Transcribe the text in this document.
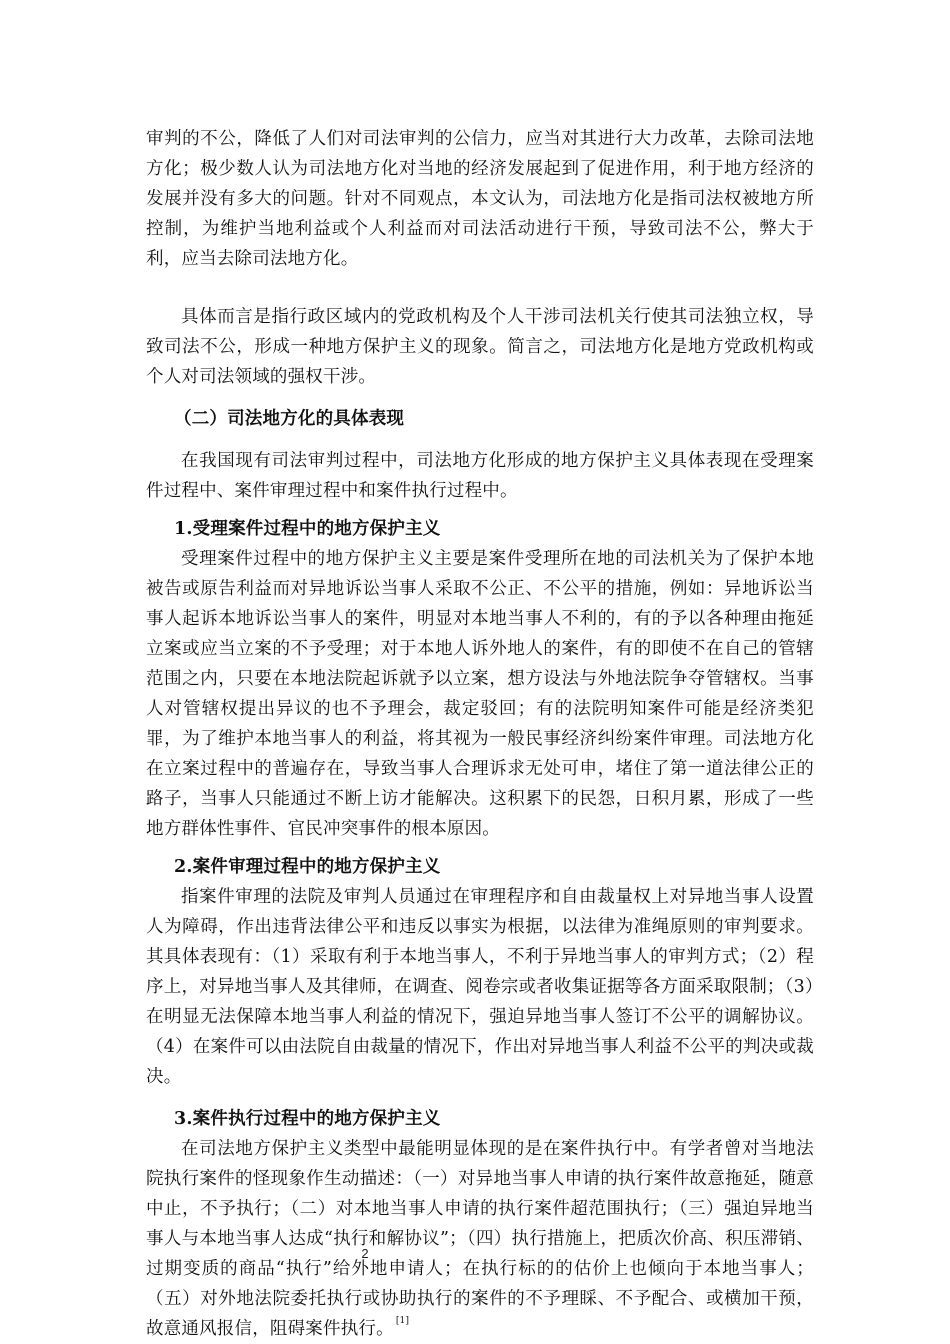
审判的不公，降低了人们对司法审判的公信力，应当对其进行大力改革，去除司法地方化；极少数人认为司法地方化对当地的经济发展起到了促进作用，利于地方经济的发展并没有多大的问题。针对不同观点，本文认为，司法地方化是指司法权被地方所控制，为维护当地利益或个人利益而对司法活动进行干预，导致司法不公，弊大于利，应当去除司法地方化。

具体而言是指行政区域内的党政机构及个人干涉司法机关行使其司法独立权，导致司法不公，形成一种地方保护主义的现象。简言之，司法地方化是地方党政机构或个人对司法领域的强权干涉。

（二）司法地方化的具体表现

在我国现有司法审判过程中，司法地方化形成的地方保护主义具体表现在受理案件过程中、案件审理过程中和案件执行过程中。

1.受理案件过程中的地方保护主义

受理案件过程中的地方保护主义主要是案件受理所在地的司法机关为了保护本地被告或原告利益而对异地诉讼当事人采取不公正、不公平的措施，例如：异地诉讼当事人起诉本地诉讼当事人的案件，明显对本地当事人不利的，有的予以各种理由拖延立案或应当立案的不予受理；对于本地人诉外地人的案件，有的即使不在自己的管辖范围之内，只要在本地法院起诉就予以立案，想方设法与外地法院争夺管辖权。当事人对管辖权提出异议的也不予理会，裁定驳回；有的法院明知案件可能是经济类犯罪，为了维护本地当事人的利益，将其视为一般民事经济纠纷案件审理。司法地方化在立案过程中的普遍存在，导致当事人合理诉求无处可申，堵住了第一道法律公正的路子，当事人只能通过不断上访才能解决。这积累下的民怨，日积月累，形成了一些地方群体性事件、官民冲突事件的根本原因。

2.案件审理过程中的地方保护主义

指案件审理的法院及审判人员通过在审理程序和自由裁量权上对异地当事人设置人为障碍，作出违背法律公平和违反以事实为根据，以法律为准绳原则的审判要求。其具体表现有：（1）采取有利于本地当事人，不利于异地当事人的审判方式；（2）程序上，对异地当事人及其律师，在调查、阅卷宗或者收集证据等各方面采取限制；（3）在明显无法保障本地当事人利益的情况下，强迫异地当事人签订不公平的调解协议。（4）在案件可以由法院自由裁量的情况下，作出对异地当事人利益不公平的判决或裁决。

3.案件执行过程中的地方保护主义

在司法地方保护主义类型中最能明显体现的是在案件执行中。有学者曾对当地法院执行案件的怪现象作生动描述：（一）对异地当事人申请的执行案件故意拖延，随意中止，不予执行；（二）对本地当事人申请的执行案件超范围执行；（三）强迫异地当事人与本地当事人达成“执行和解协议”；（四）执行措施上，把质次价高、积压滞销、过期变质的商品“执行”给外地申请人；在执行标的的估价上也倾向于本地当事人；（五）对外地法院委托执行或协助执行的案件的不予理睬、不予配合、或横加干预，故意通风报信，阻碍案件执行。 [1]

2
